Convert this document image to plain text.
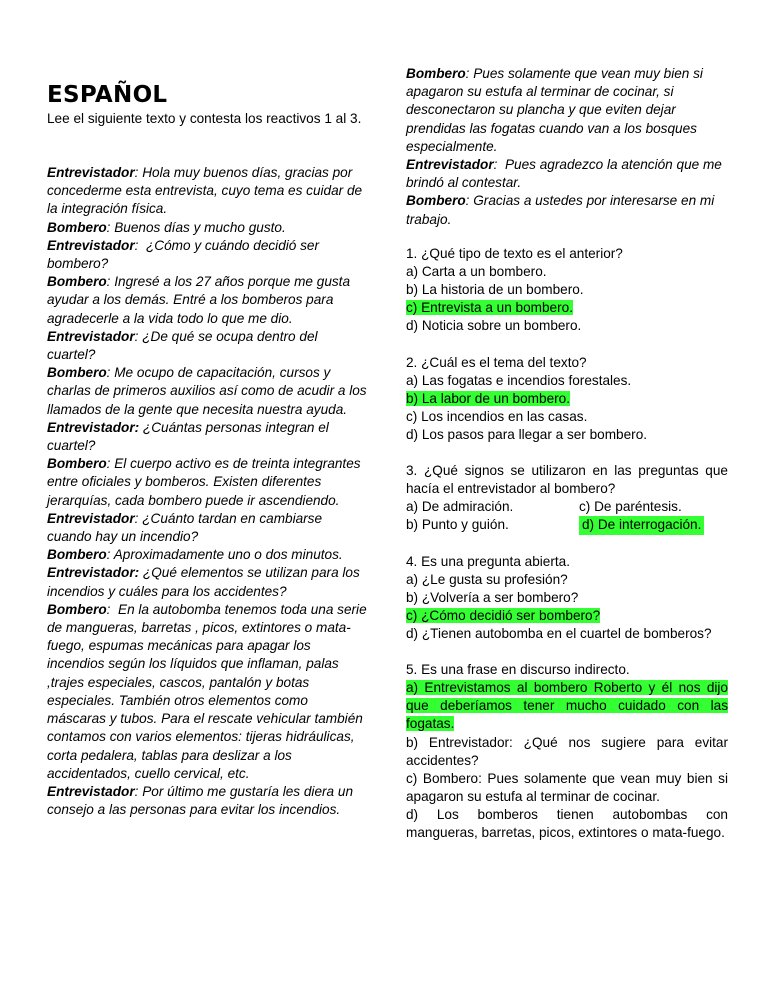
ESPAÑOL

Lee el siguiente texto y contesta los reactivos 1 al 3.

Entrevistador: Hola muy buenos días, gracias por concederme esta entrevista, cuyo tema es cuidar de la integración física.

Bombero: Buenos días y mucho gusto.

Entrevistador:  ¿Cómo y cuándo decidió ser bombero?

Bombero: Ingresé a los 27 años porque me gusta ayudar a los demás. Entré a los bomberos para agradecerle a la vida todo lo que me dio.

Entrevistador: ¿De qué se ocupa dentro del cuartel?

Bombero: Me ocupo de capacitación, cursos y charlas de primeros auxilios así como de acudir a los llamados de la gente que necesita nuestra ayuda.

Entrevistador: ¿Cuántas personas integran el cuartel?

Bombero: El cuerpo activo es de treinta integrantes entre oficiales y bomberos. Existen diferentes jerarquías, cada bombero puede ir ascendiendo.

Entrevistador: ¿Cuánto tardan en cambiarse cuando hay un incendio?

Bombero: Aproximadamente uno o dos minutos.

Entrevistador: ¿Qué elementos se utilizan para los incendios y cuáles para los accidentes?

Bombero:  En la autobomba tenemos toda una serie de mangueras, barretas , picos, extintores o mata- fuego, espumas mecánicas para apagar los incendios según los líquidos que inflaman, palas ,trajes especiales, cascos, pantalón y botas especiales. También otros elementos como máscaras y tubos. Para el rescate vehicular también contamos con varios elementos: tijeras hidráulicas, corta pedalera, tablas para deslizar a los accidentados, cuello cervical, etc.

Entrevistador: Por último me gustaría les diera un consejo a las personas para evitar los incendios.

Bombero: Pues solamente que vean muy bien si apagaron su estufa al terminar de cocinar, si desconectaron su plancha y que eviten dejar prendidas las fogatas cuando van a los bosques especialmente.

Entrevistador:  Pues agradezco la atención que me brindó al contestar.

Bombero: Gracias a ustedes por interesarse en mi trabajo.

1. ¿Qué tipo de texto es el anterior?
a) Carta a un bombero.
b) La historia de un bombero.
c) Entrevista a un bombero.
d) Noticia sobre un bombero.
2. ¿Cuál es el tema del texto?
a) Las fogatas e incendios forestales.
b) La labor de un bombero.
c) Los incendios en las casas.
d) Los pasos para llegar a ser bombero.
3. ¿Qué signos se utilizaron en las preguntas que hacía el entrevistador al bombero?
a) De admiración.	c) De paréntesis.
b) Punto y guión.	d) De interrogación.
4. Es una pregunta abierta.
a) ¿Le gusta su profesión?
b) ¿Volvería a ser bombero?
c) ¿Cómo decidió ser bombero?
d) ¿Tienen autobomba en el cuartel de bomberos?
5. Es una frase en discurso indirecto.
a) Entrevistamos al bombero Roberto y él nos dijo que deberíamos tener mucho cuidado con las fogatas.
b) Entrevistador: ¿Qué nos sugiere para evitar accidentes?
c) Bombero: Pues solamente que vean muy bien si apagaron su estufa al terminar de cocinar.
d) Los bomberos tienen autobombas con mangueras, barretas, picos, extintores o mata-fuego.
